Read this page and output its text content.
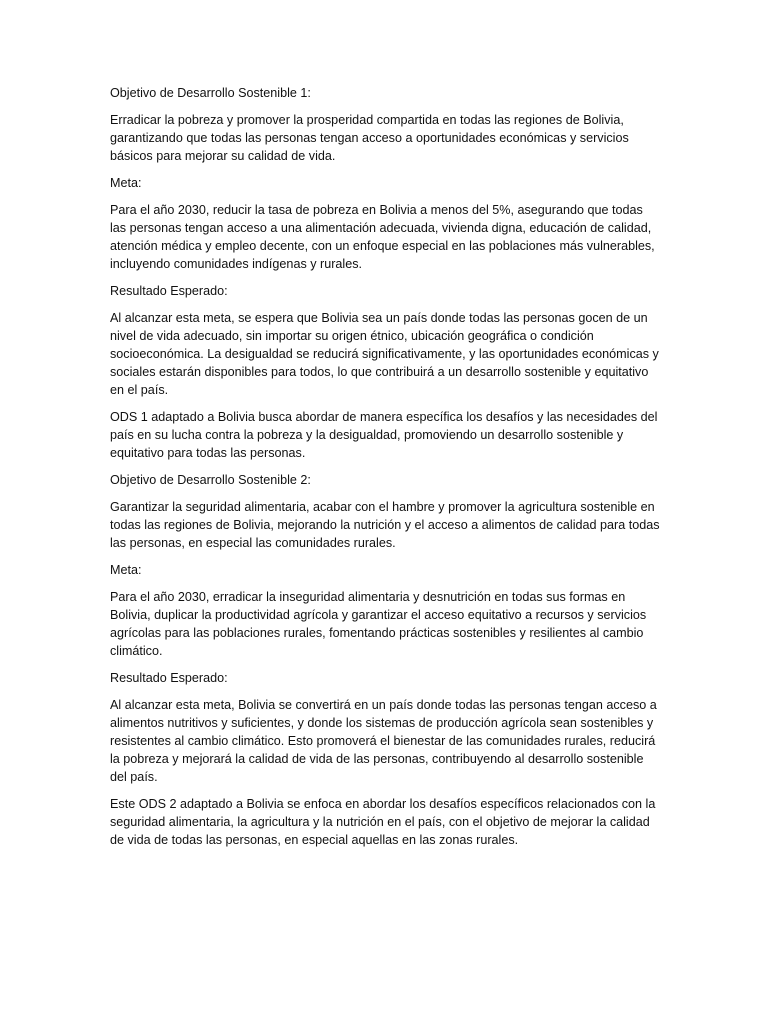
Objetivo de Desarrollo Sostenible 1:

Erradicar la pobreza y promover la prosperidad compartida en todas las regiones de Bolivia, garantizando que todas las personas tengan acceso a oportunidades económicas y servicios básicos para mejorar su calidad de vida.

Meta:

Para el año 2030, reducir la tasa de pobreza en Bolivia a menos del 5%, asegurando que todas las personas tengan acceso a una alimentación adecuada, vivienda digna, educación de calidad, atención médica y empleo decente, con un enfoque especial en las poblaciones más vulnerables, incluyendo comunidades indígenas y rurales.

Resultado Esperado:

Al alcanzar esta meta, se espera que Bolivia sea un país donde todas las personas gocen de un nivel de vida adecuado, sin importar su origen étnico, ubicación geográfica o condición socioeconómica. La desigualdad se reducirá significativamente, y las oportunidades económicas y sociales estarán disponibles para todos, lo que contribuirá a un desarrollo sostenible y equitativo en el país.

ODS 1 adaptado a Bolivia busca abordar de manera específica los desafíos y las necesidades del país en su lucha contra la pobreza y la desigualdad, promoviendo un desarrollo sostenible y equitativo para todas las personas.

Objetivo de Desarrollo Sostenible 2:

Garantizar la seguridad alimentaria, acabar con el hambre y promover la agricultura sostenible en todas las regiones de Bolivia, mejorando la nutrición y el acceso a alimentos de calidad para todas las personas, en especial las comunidades rurales.

Meta:

Para el año 2030, erradicar la inseguridad alimentaria y desnutrición en todas sus formas en Bolivia, duplicar la productividad agrícola y garantizar el acceso equitativo a recursos y servicios agrícolas para las poblaciones rurales, fomentando prácticas sostenibles y resilientes al cambio climático.

Resultado Esperado:

Al alcanzar esta meta, Bolivia se convertirá en un país donde todas las personas tengan acceso a alimentos nutritivos y suficientes, y donde los sistemas de producción agrícola sean sostenibles y resistentes al cambio climático. Esto promoverá el bienestar de las comunidades rurales, reducirá la pobreza y mejorará la calidad de vida de las personas, contribuyendo al desarrollo sostenible del país.

Este ODS 2 adaptado a Bolivia se enfoca en abordar los desafíos específicos relacionados con la seguridad alimentaria, la agricultura y la nutrición en el país, con el objetivo de mejorar la calidad de vida de todas las personas, en especial aquellas en las zonas rurales.
